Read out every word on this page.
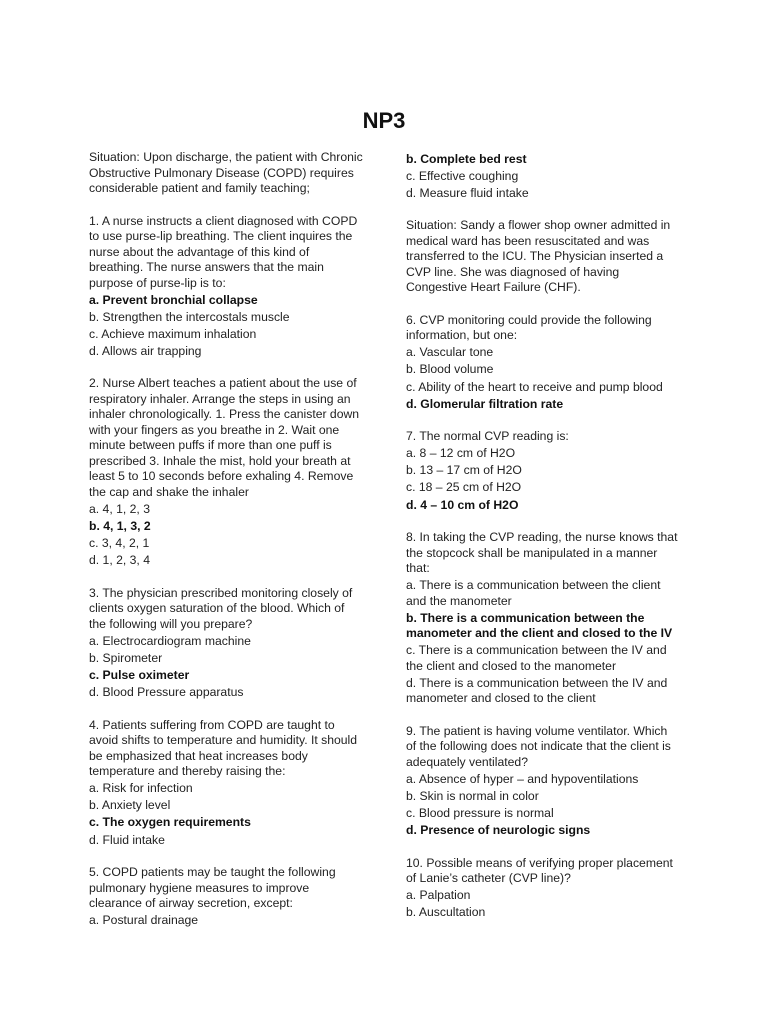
NP3

Situation: Upon discharge, the patient with Chronic Obstructive Pulmonary Disease (COPD) requires considerable patient and family teaching;

1. A nurse instructs a client diagnosed with COPD to use purse-lip breathing. The client inquires the nurse about the advantage of this kind of breathing. The nurse answers that the main purpose of purse-lip is to:

a. Prevent bronchial collapse
b. Strengthen the intercostals muscle
c. Achieve maximum inhalation
d. Allows air trapping

2. Nurse Albert teaches a patient about the use of respiratory inhaler. Arrange the steps in using an inhaler chronologically. 1. Press the canister down with your fingers as you breathe in 2. Wait one minute between puffs if more than one puff is prescribed 3. Inhale the mist, hold your breath at least 5 to 10 seconds before exhaling 4. Remove the cap and shake the inhaler

a. 4, 1, 2, 3
b. 4, 1, 3, 2
c. 3, 4, 2, 1
d. 1, 2, 3, 4

3. The physician prescribed monitoring closely of clients oxygen saturation of the blood. Which of the following will you prepare?

a. Electrocardiogram machine
b. Spirometer
c. Pulse oximeter
d. Blood Pressure apparatus

4. Patients suffering from COPD are taught to avoid shifts to temperature and humidity. It should be emphasized that heat increases body temperature and thereby raising the:

a. Risk for infection
b. Anxiety level
c. The oxygen requirements
d. Fluid intake

5. COPD patients may be taught the following pulmonary hygiene measures to improve clearance of airway secretion, except:

a. Postural drainage
b. Complete bed rest
c. Effective coughing
d. Measure fluid intake

Situation: Sandy a flower shop owner admitted in medical ward has been resuscitated and was transferred to the ICU. The Physician inserted a CVP line. She was diagnosed of having Congestive Heart Failure (CHF).

6. CVP monitoring could provide the following information, but one:

a. Vascular tone
b. Blood volume
c. Ability of the heart to receive and pump blood
d. Glomerular filtration rate

7. The normal CVP reading is:

a. 8 – 12 cm of H2O
b. 13 – 17 cm of H2O
c. 18 – 25 cm of H2O
d. 4 – 10 cm of H2O

8. In taking the CVP reading, the nurse knows that the stopcock shall be manipulated in a manner that:

a. There is a communication between the client and the manometer
b. There is a communication between the manometer and the client and closed to the IV
c. There is a communication between the IV and the client and closed to the manometer
d. There is a communication between the IV and manometer and closed to the client

9. The patient is having volume ventilator. Which of the following does not indicate that the client is adequately ventilated?

a. Absence of hyper – and hypoventilations
b. Skin is normal in color
c. Blood pressure is normal
d. Presence of neurologic signs

10. Possible means of verifying proper placement of Lanie’s catheter (CVP line)?

a. Palpation
b. Auscultation
